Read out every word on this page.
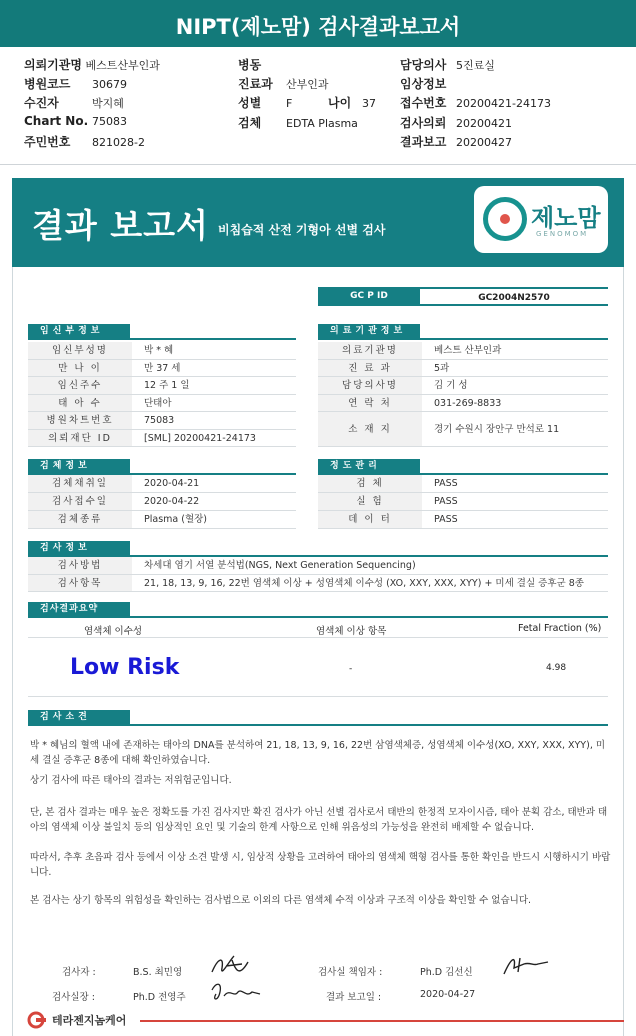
NIPT(제노맘) 검사결과보고서
의뢰기관명 베스트산부인과
병원코드 30679
수진자	박지혜
Chart No. 75083
주민번호 821028-2
병동
진료과 산부인과
성별 F	나이 37
검체 EDTA Plasma
담당의사 5진료실
임상정보
접수번호 20200421-24173
검사의뢰 20200421
결과보고 20200427
결과 보고서 비침습적 산전 기형아 선별 검사	제노맘
GENOMOM
GC P ID	GC2004N2570
임신부정보
임신부성명	박 * 혜
만 나 이	만 37 세
임신주수	12 주 1 일
태 아 수	단태아
병원차트번호	75083
의뢰재단 ID	[SML] 20200421-24173
의료기관정보
의료기관명	베스트 산부인과
진 료 과	5과
담당의사명	김 기 성
연 락 처	031-269-8833
소 재 지	경기 수원시 장안구 만석로 11
검체정보
검체채취일	2020-04-21
검사접수일	2020-04-22
검체종류	Plasma (혈장)
정도관리
검 체	PASS
실 험	PASS
데 이 터	PASS
검사정보
검사방법	차세대 염기 서열 분석법(NGS, Next Generation Sequencing)
검사항목	21, 18, 13, 9, 16, 22번 염색체 이상 + 성염색체 이수성 (XO, XXY, XXX, XYY) + 미세 결실 증후군 8종
검사결과요약
염색체 이수성	염색체 이상 항목	Fetal Fraction (%)
Low Risk	-	4.98
검사소견
박 * 혜님의 혈액 내에 존재하는 태아의 DNA를 분석하여 21, 18, 13, 9, 16, 22번 삼염색체증, 성염색체 이수성(XO, XXY, XXX, XYY), 미세 결실 증후군 8종에 대해 확인하였습니다.
상기 검사에 따른 태아의 결과는 저위험군입니다.
단, 본 검사 결과는 매우 높은 정확도를 가진 검사지만 확진 검사가 아닌 선별 검사로서 태반의 한정적 모자이시즘, 태아 분획 감소, 태반과 태아의 염색체 이상 불일치 등의 임상적인 요인 및 기술의 한계 사항으로 인해 위음성의 가능성을 완전히 배제할 수 없습니다.
따라서, 추후 초음파 검사 등에서 이상 소견 발생 시, 임상적 상황을 고려하여 태아의 염색체 핵형 검사를 통한 확인을 반드시 시행하시기 바랍니다.
본 검사는 상기 항목의 위험성을 확인하는 검사법으로 이외의 다른 염색체 수적 이상과 구조적 이상을 확인할 수 없습니다.
검사자 :	B.S. 최민영	검사실 책임자 :	Ph.D 김선신
검사실장 :	Ph.D 전영주	결과 보고일 :	2020-04-27
테라젠지놈케어
